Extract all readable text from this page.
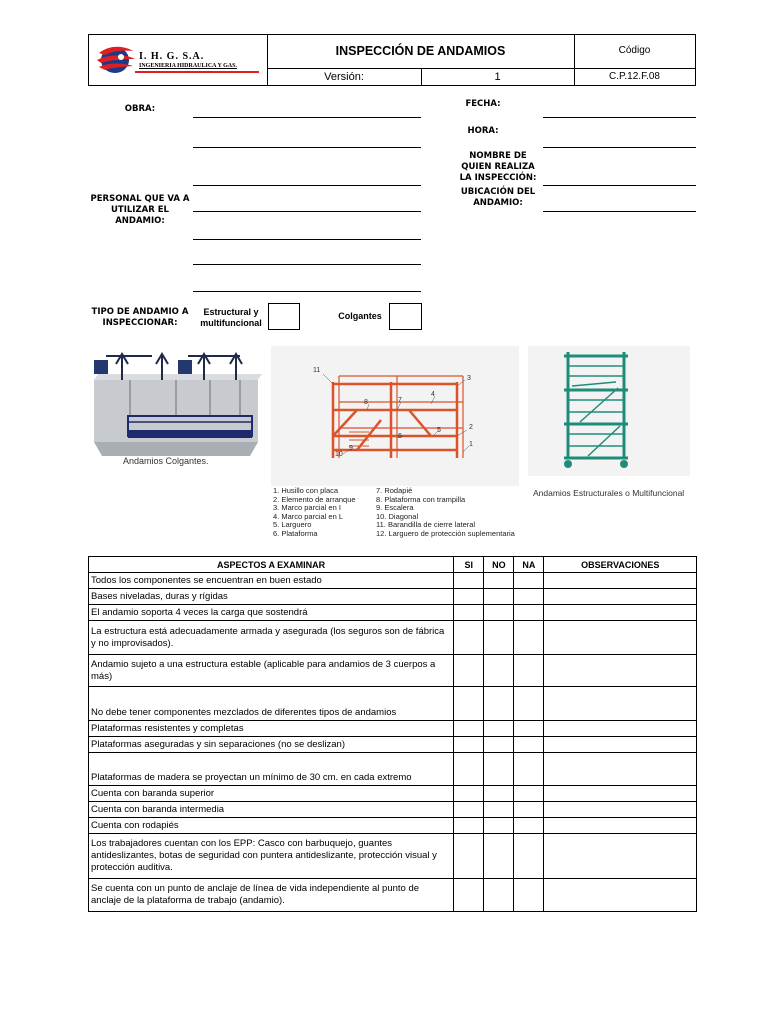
I. H. G. S.A.
INGENIERIA HIDRAULICA Y GAS.
INSPECCIÓN DE ANDAMIOS	Código
Versión:	1	C.P.12.F.08
OBRA:
PERSONAL QUE VA A UTILIZAR EL ANDAMIO:
FECHA:
HORA:
NOMBRE DE QUIEN REALIZA LA INSPECCIÓN:
UBICACIÓN DEL ANDAMIO:
TIPO DE ANDAMIO A INSPECCIONAR:
Estructural y multifuncional
Colgantes
Andamios Colgantes.
11
3
8	7
4
2
6
5
9
10
1
1. Husillo con placa
2. Elemento de arranque
3. Marco parcial en I
4. Marco parcial en L
5. Larguero
6. Plataforma
7. Rodapié
8. Plataforma con trampilla
9. Escalera
10. Diagonal
11. Barandilla de cierre lateral
12. Larguero de protección suplementaria
Andamios Estructurales o Multifuncional
ASPECTOS A EXAMINAR	SI	NO	NA	OBSERVACIONES
Todos los componentes se encuentran en buen estado				
Bases niveladas, duras y rígidas				
El andamio soporta 4 veces la carga que sostendrá				
La estructura está adecuadamente armada y asegurada (los seguros son de fábrica y no improvisados).				
Andamio sujeto a una estructura estable (aplicable para andamios de 3 cuerpos a más)				
No debe tener componentes mezclados de diferentes tipos de andamios				
Plataformas resistentes y completas				
Plataformas aseguradas y sin separaciones (no se deslizan)				
Plataformas de madera se proyectan un mínimo de 30 cm. en cada extremo				
Cuenta con baranda superior				
Cuenta con baranda intermedia				
Cuenta con rodapiés				
Los trabajadores cuentan con los EPP: Casco con barbuquejo, guantes antideslizantes, botas de seguridad con puntera antideslizante, protección visual y protección auditiva.				
Se cuenta con un punto de anclaje de línea de vida independiente al punto de anclaje de la plataforma de trabajo (andamio).				
